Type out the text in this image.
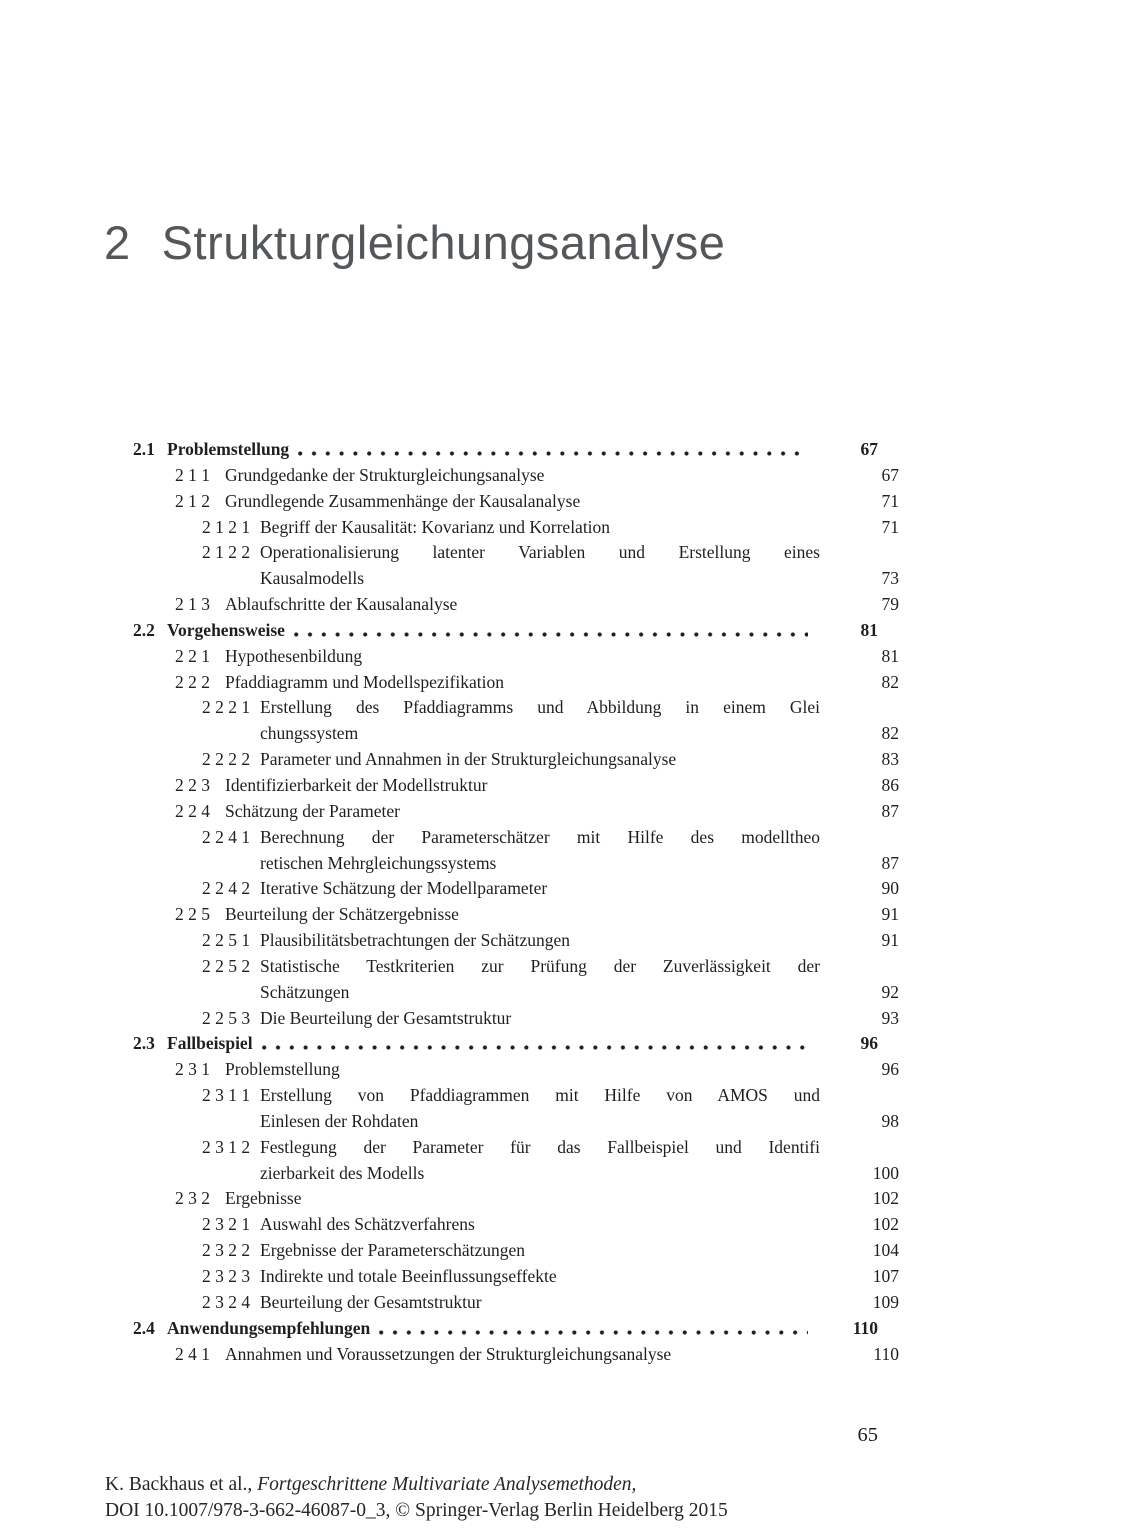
2 Strukturgleichungsanalyse
2.1 Problemstellung	67
2 1 1 Grundgedanke der Strukturgleichungsanalyse	67
2 1 2 Grundlegende Zusammenhänge der Kausalanalyse	71
2 1 2 1 Begriff der Kausalität: Kovarianz und Korrelation	71
2 1 2 2 Operationalisierung latenter Variablen und Erstellung eines
Kausalmodells	73
2 1 3 Ablaufschritte der Kausalanalyse	79
2.2 Vorgehensweise	81
2 2 1 Hypothesenbildung	81
2 2 2 Pfaddiagramm und Modellspezifikation	82
2 2 2 1 Erstellung des Pfaddiagramms und Abbildung in einem Glei
chungssystem	82
2 2 2 2 Parameter und Annahmen in der Strukturgleichungsanalyse	83
2 2 3 Identifizierbarkeit der Modellstruktur	86
2 2 4 Schätzung der Parameter	87
2 2 4 1 Berechnung der Parameterschätzer mit Hilfe des modelltheo
retischen Mehrgleichungssystems	87
2 2 4 2 Iterative Schätzung der Modellparameter	90
2 2 5 Beurteilung der Schätzergebnisse	91
2 2 5 1 Plausibilitätsbetrachtungen der Schätzungen	91
2 2 5 2 Statistische Testkriterien zur Prüfung der Zuverlässigkeit der
Schätzungen	92
2 2 5 3 Die Beurteilung der Gesamtstruktur	93
2.3 Fallbeispiel	96
2 3 1 Problemstellung	96
2 3 1 1 Erstellung von Pfaddiagrammen mit Hilfe von AMOS und
Einlesen der Rohdaten	98
2 3 1 2 Festlegung der Parameter für das Fallbeispiel und Identifi
zierbarkeit des Modells	100
2 3 2 Ergebnisse	102
2 3 2 1 Auswahl des Schätzverfahrens	102
2 3 2 2 Ergebnisse der Parameterschätzungen	104
2 3 2 3 Indirekte und totale Beeinflussungseffekte	107
2 3 2 4 Beurteilung der Gesamtstruktur	109
2.4 Anwendungsempfehlungen	110
2 4 1 Annahmen und Voraussetzungen der Strukturgleichungsanalyse	110
65
K. Backhaus et al., Fortgeschrittene Multivariate Analysemethoden,
DOI 10.1007/978-3-662-46087-0_3, © Springer-Verlag Berlin Heidelberg 2015
